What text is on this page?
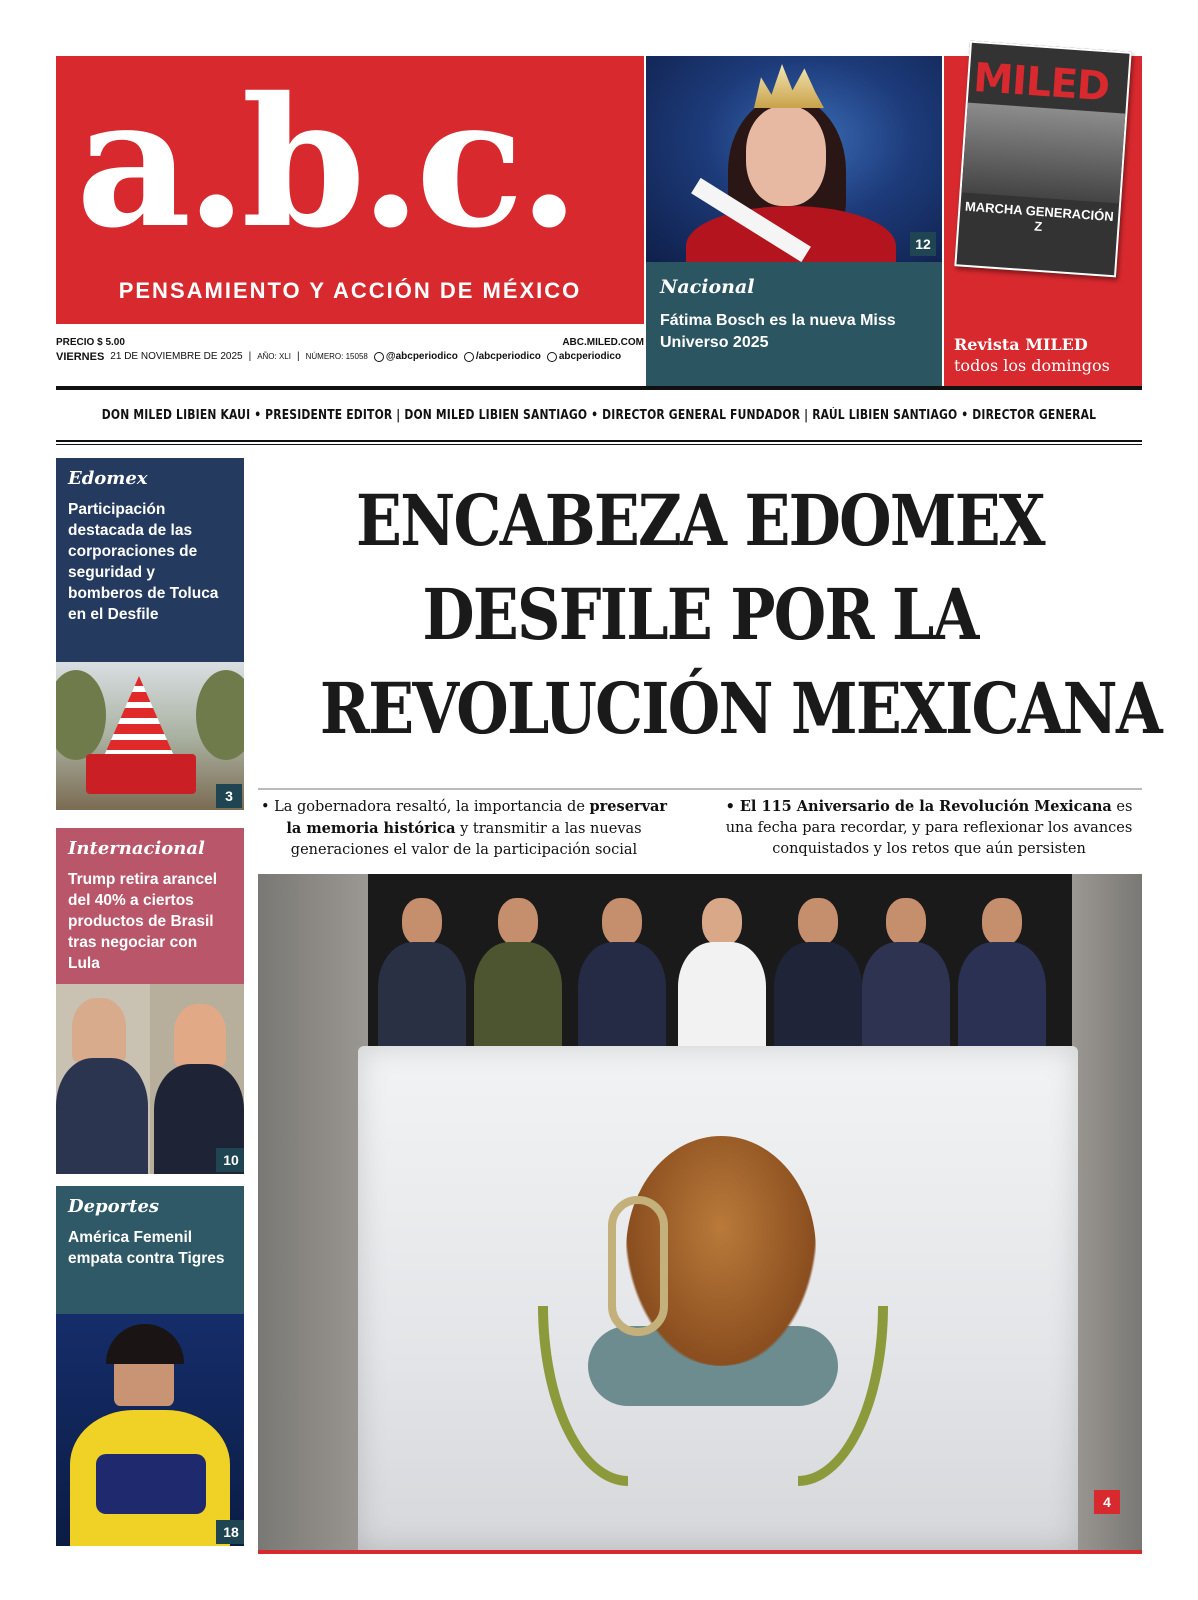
a.b.c.
PENSAMIENTO Y ACCIÓN DE MÉXICO
PRECIO $ 5.00	ABC.MILED.COM
VIERNES 21 DE NOVIEMBRE DE 2025 | AÑO: XLI | NÚMERO: 15058 @abcperiodico /abcperiodico abcperiodico
12
Nacional
Fátima Bosch es la nueva Miss Universo 2025
MILED
MARCHA GENERACIÓN Z
Revista MILED
todos los domingos
DON MILED LIBIEN KAUI • PRESIDENTE EDITOR | DON MILED LIBIEN SANTIAGO • DIRECTOR GENERAL FUNDADOR | RAÚL LIBIEN SANTIAGO • DIRECTOR GENERAL
Edomex
Participación destacada de las corporaciones de seguridad y bomberos de Toluca en el Desfile
3
Internacional
Trump retira arancel del 40% a ciertos productos de Brasil tras negociar con Lula
10
Deportes
América Femenil empata contra Tigres
18
ENCABEZA EDOMEX
DESFILE POR LA
REVOLUCIÓN MEXICANA
• La gobernadora resaltó, la importancia de preservar la memoria histórica y transmitir a las nuevas generaciones el valor de la participación social
• El 115 Aniversario de la Revolución Mexicana es una fecha para recordar, y para reflexionar los avances conquistados y los retos que aún persisten
4
